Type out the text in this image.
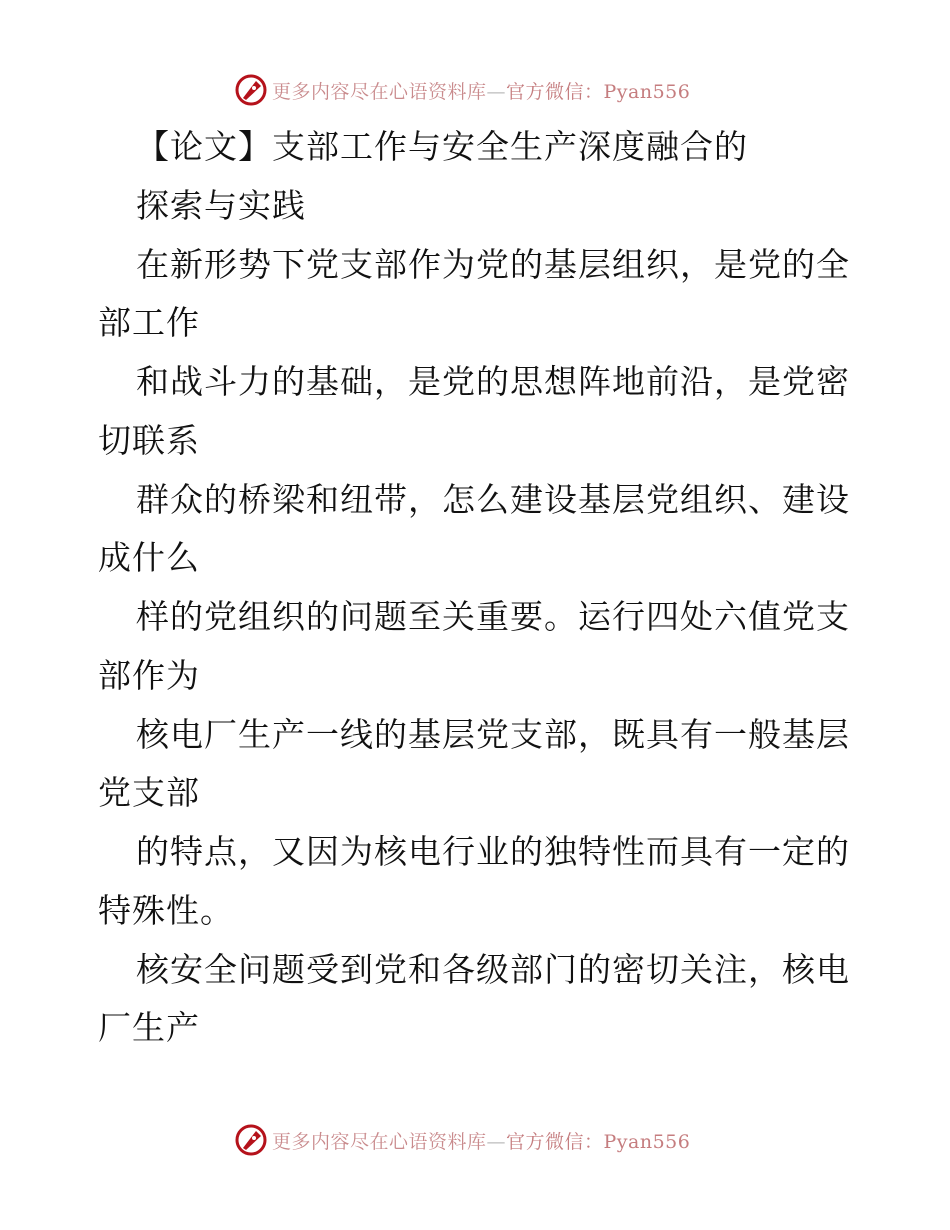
更多内容尽在心语资料库—官方微信：Pyan556
【论文】支部工作与安全生产深度融合的
探索与实践
在新形势下党支部作为党的基层组织，是党的全
部工作
和战斗力的基础，是党的思想阵地前沿，是党密
切联系
群众的桥梁和纽带，怎么建设基层党组织、建设
成什么
样的党组织的问题至关重要。运行四处六值党支
部作为
核电厂生产一线的基层党支部，既具有一般基层
党支部
的特点，又因为核电行业的独特性而具有一定的
特殊性。
核安全问题受到党和各级部门的密切关注，核电
厂生产
更多内容尽在心语资料库—官方微信：Pyan556
